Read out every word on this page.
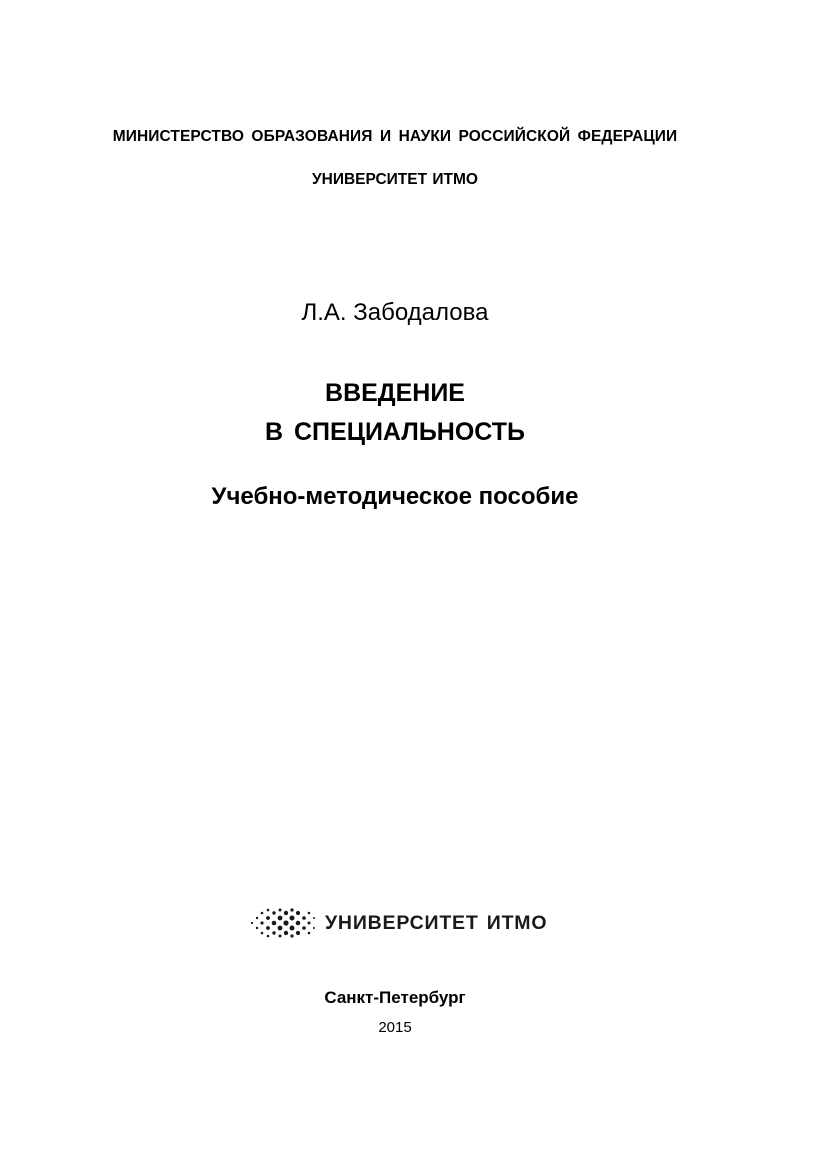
МИНИСТЕРСТВО ОБРАЗОВАНИЯ И НАУКИ РОССИЙСКОЙ ФЕДЕРАЦИИ
УНИВЕРСИТЕТ ИТМО
Л.А. Забодалова
ВВЕДЕНИЕ
В СПЕЦИАЛЬНОСТЬ
Учебно-методическое пособие
УНИВЕРСИТЕТ ИТМО
Санкт-Петербург
2015
